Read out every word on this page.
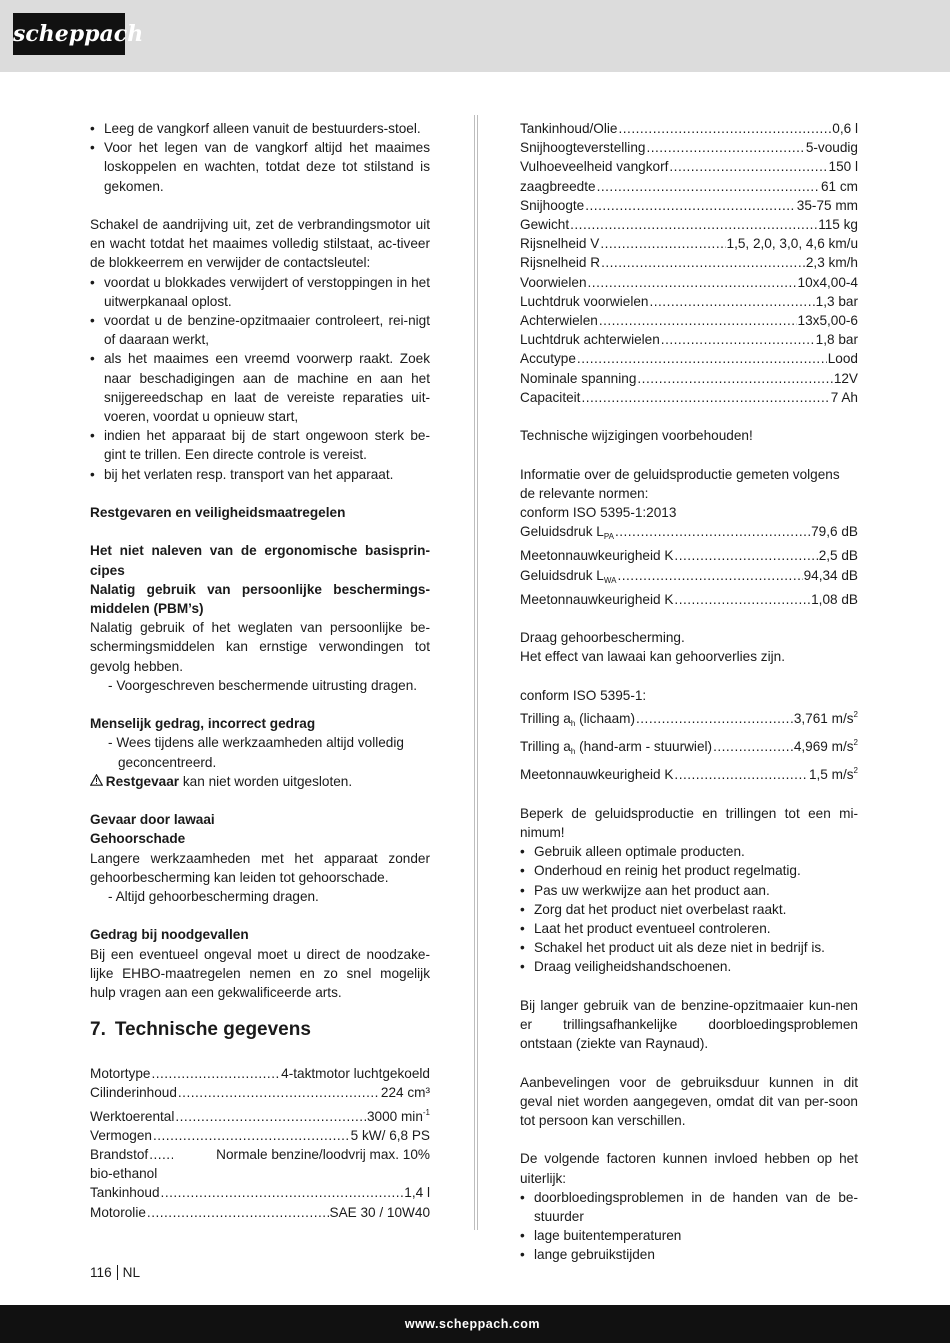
scheppach
• Leeg de vangkorf alleen vanuit de bestuurders-stoel.
• Voor het legen van de vangkorf altijd het maaimes loskoppelen en wachten, totdat deze tot stilstand is gekomen.

Schakel de aandrijving uit, zet de verbrandingsmotor uit en wacht totdat het maaimes volledig stilstaat, ac-tiveer de blokkeerrem en verwijder de contactsleutel:

• voordat u blokkades verwijdert of verstoppingen in het uitwerpkanaal oplost.
• voordat u de benzine-opzitmaaier controleert, rei-nigt of daaraan werkt,
• als het maaimes een vreemd voorwerp raakt. Zoek naar beschadigingen aan de machine en aan het snijgereedschap en laat de vereiste reparaties uit-voeren, voordat u opnieuw start,
• indien het apparaat bij de start ongewoon sterk be-gint te trillen. Een directe controle is vereist.
• bij het verlaten resp. transport van het apparaat.

Restgevaren en veiligheidsmaatregelen

Het niet naleven van de ergonomische basisprin-cipes

Nalatig gebruik van persoonlijke beschermings-middelen (PBM’s)

Nalatig gebruik of het weglaten van persoonlijke be-schermingsmiddelen kan ernstige verwondingen tot gevolg hebben.

- Voorgeschreven beschermende uitrusting dragen.

Menselijk gedrag, incorrect gedrag

- Wees tijdens alle werkzaamheden altijd volledig geconcentreerd.

Restgevaar kan niet worden uitgesloten.

Gevaar door lawaai

Gehoorschade

Langere werkzaamheden met het apparaat zonder gehoorbescherming kan leiden tot gehoorschade.

- Altijd gehoorbescherming dragen.

Gedrag bij noodgevallen

Bij een eventueel ongeval moet u direct de noodzake-lijke EHBO-maatregelen nemen en zo snel mogelijk hulp vragen aan een gekwalificeerde arts.

7. Technische gegevens
Motortype .....	4-taktmotor luchtgekoeld
Cilinderinhoud .....	224 cm³
Werktoerental .....	3000 $\min^{-1}$
Vermogen .....	5 kW/ 6,8 PS
Brandstof .....	Normale benzine/loodvrij max. 10%
bio-ethanol
Tankinhoud .....	1,4 l
Motorolie .....	SAE 30 / 10W40
Tankinhoud/Olie .....	0,6 l
Snijhoogteverstelling .....	5-voudig
Vulhoeveelheid vangkorf .....	150 l
zaagbreedte .....	61 cm
Snijhoogte .....	35-75 mm
Gewicht .....	115 kg
Rijsnelheid V .....	1,5, 2,0, 3,0, 4,6 km/u
Rijsnelheid R .....	2,3 km/h
Voorwielen .....	10x4,00-4
Luchtdruk voorwielen .....	1,3 bar
Achterwielen .....	13x5,00-6
Luchtdruk achterwielen .....	1,8 bar
Accutype .....	Lood
Nominale spanning .....	12V
Capaciteit .....	7 Ah

Technische wijzigingen voorbehouden!

Informatie over de geluidsproductie gemeten volgens de relevante normen:

conform ISO 5395-1:2013

Geluidsdruk $L_{PA}$ .....	79,6 dB
Meetonnauwkeurigheid K .....	2,5 dB
Geluidsdruk $L_{WA}$ .....	94,34 dB
Meetonnauwkeurigheid K .....	1,08 dB

Draag gehoorbescherming.

Het effect van lawaai kan gehoorverlies zijn.

conform ISO 5395-1:

Trilling $a_h$ (lichaam) .....	3,761 $m/s^2$
Trilling $a_h$ (hand-arm - stuurwiel) .....	4,969 $m/s^2$
Meetonnauwkeurigheid K .....	1,5 $m/s^2$

Beperk de geluidsproductie en trillingen tot een mi-nimum!

• Gebruik alleen optimale producten.
• Onderhoud en reinig het product regelmatig.
• Pas uw werkwijze aan het product aan.
• Zorg dat het product niet overbelast raakt.
• Laat het product eventueel controleren.
• Schakel het product uit als deze niet in bedrijf is.
• Draag veiligheidshandschoenen.

Bij langer gebruik van de benzine-opzitmaaier kun-nen er trillingsafhankelijke doorbloedingsproblemen ontstaan (ziekte van Raynaud).

Aanbevelingen voor de gebruiksduur kunnen in dit geval niet worden aangegeven, omdat dit van per-soon tot persoon kan verschillen.

De volgende factoren kunnen invloed hebben op het uiterlijk:

• doorbloedingsproblemen in de handen van de be-stuurder
• lage buitentemperaturen
• lange gebruikstijden
116 NL
www.scheppach.com
